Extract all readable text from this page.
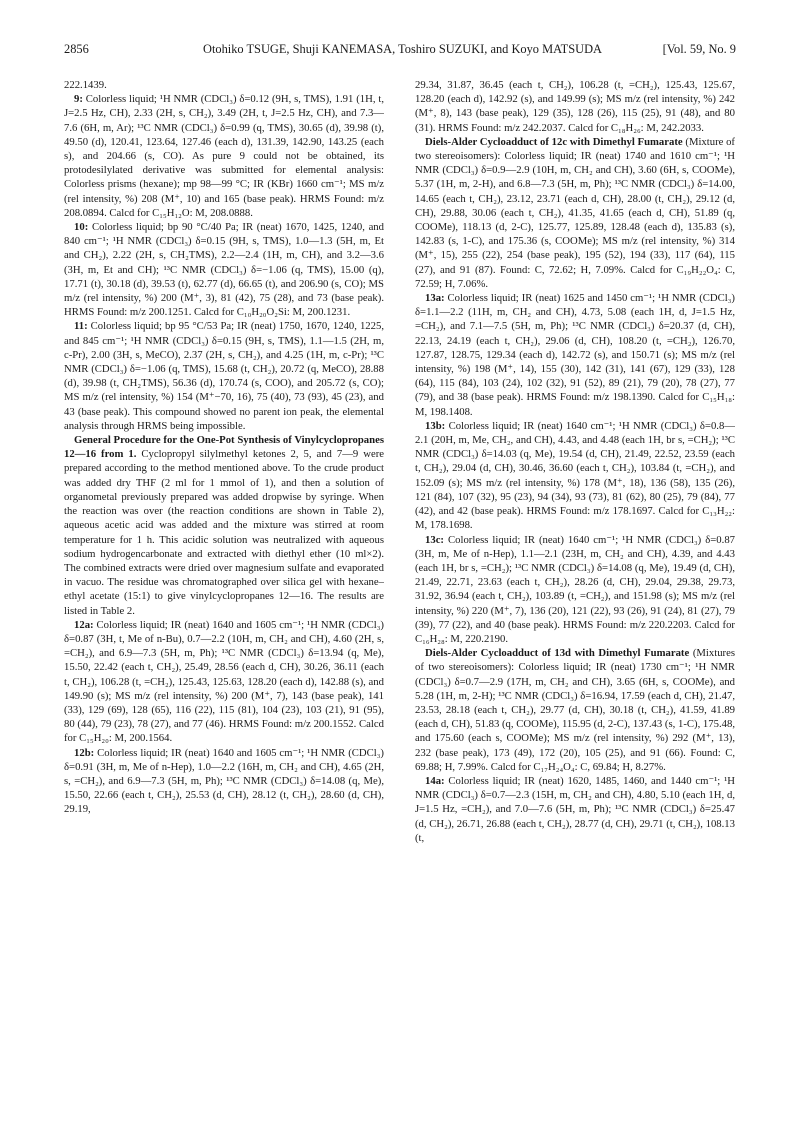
2856	Otohiko TSUGE, Shuji KANEMASA, Toshiro SUZUKI, and Koyo MATSUDA	[Vol. 59, No. 9

222.1439.

9: Colorless liquid; ¹H NMR (CDCl₃) δ=0.12 (9H, s, TMS), 1.91 (1H, t, J=2.5 Hz, CH), 2.33 (2H, s, CH₂), 3.49 (2H, t, J=2.5 Hz, CH), and 7.3—7.6 (6H, m, Ar); ¹³C NMR (CDCl₃) δ=0.99 (q, TMS), 30.65 (d), 39.98 (t), 49.50 (d), 120.41, 123.64, 127.46 (each d), 131.39, 142.90, 143.25 (each s), and 204.66 (s, CO). As pure 9 could not be obtained, its protodesilylated derivative was submitted for elemental analysis: Colorless prisms (hexane); mp 98—99 °C; IR (KBr) 1660 cm⁻¹; MS m/z (rel intensity, %) 208 (M⁺, 10) and 165 (base peak). HRMS Found: m/z 208.0894. Calcd for C₁₅H₁₂O: M, 208.0888.

10: Colorless liquid; bp 90 °C/40 Pa; IR (neat) 1670, 1425, 1240, and 840 cm⁻¹; ¹H NMR (CDCl₃) δ=0.15 (9H, s, TMS), 1.0—1.3 (5H, m, Et and CH₂), 2.22 (2H, s, CH₂TMS), 2.2—2.4 (1H, m, CH), and 3.2—3.6 (3H, m, Et and CH); ¹³C NMR (CDCl₃) δ=−1.06 (q, TMS), 15.00 (q), 17.71 (t), 30.18 (d), 39.53 (t), 62.77 (d), 66.65 (t), and 206.90 (s, CO); MS m/z (rel intensity, %) 200 (M⁺, 3), 81 (42), 75 (28), and 73 (base peak). HRMS Found: m/z 200.1251. Calcd for C₁₀H₂₀O₂Si: M, 200.1231.

11: Colorless liquid; bp 95 °C/53 Pa; IR (neat) 1750, 1670, 1240, 1225, and 845 cm⁻¹; ¹H NMR (CDCl₃) δ=0.15 (9H, s, TMS), 1.1—1.5 (2H, m, c-Pr), 2.00 (3H, s, MeCO), 2.37 (2H, s, CH₂), and 4.25 (1H, m, c-Pr); ¹³C NMR (CDCl₃) δ=−1.06 (q, TMS), 15.68 (t, CH₂), 20.72 (q, MeCO), 28.88 (d), 39.98 (t, CH₂TMS), 56.36 (d), 170.74 (s, COO), and 205.72 (s, CO); MS m/z (rel intensity, %) 154 (M⁺−70, 16), 75 (40), 73 (93), 45 (23), and 43 (base peak). This compound showed no parent ion peak, the elemental analysis through HRMS being impossible.

General Procedure for the One-Pot Synthesis of Vinylcyclopropanes 12—16 from 1. Cyclopropyl silylmethyl ketones 2, 5, and 7—9 were prepared according to the method mentioned above. To the crude product was added dry THF (2 ml for 1 mmol of 1), and then a solution of organometal previously prepared was added dropwise by syringe. When the reaction was over (the reaction conditions are shown in Table 2), aqueous acetic acid was added and the mixture was stirred at room temperature for 1 h. This acidic solution was neutralized with aqueous sodium hydrogencarbonate and extracted with diethyl ether (10 ml×2). The combined extracts were dried over magnesium sulfate and evaporated in vacuo. The residue was chromatographed over silica gel with hexane–ethyl acetate (15:1) to give vinylcyclopropanes 12—16. The results are listed in Table 2.

12a: Colorless liquid; IR (neat) 1640 and 1605 cm⁻¹; ¹H NMR (CDCl₃) δ=0.87 (3H, t, Me of n-Bu), 0.7—2.2 (10H, m, CH₂ and CH), 4.60 (2H, s, =CH₂), and 6.9—7.3 (5H, m, Ph); ¹³C NMR (CDCl₃) δ=13.94 (q, Me), 15.50, 22.42 (each t, CH₂), 25.49, 28.56 (each d, CH), 30.26, 36.11 (each t, CH₂), 106.28 (t, =CH₂), 125.43, 125.63, 128.20 (each d), 142.88 (s), and 149.90 (s); MS m/z (rel intensity, %) 200 (M⁺, 7), 143 (base peak), 141 (33), 129 (69), 128 (65), 116 (22), 115 (81), 104 (23), 103 (21), 91 (95), 80 (44), 79 (23), 78 (27), and 77 (46). HRMS Found: m/z 200.1552. Calcd for C₁₅H₂₀: M, 200.1564.

12b: Colorless liquid; IR (neat) 1640 and 1605 cm⁻¹; ¹H NMR (CDCl₃) δ=0.91 (3H, m, Me of n-Hep), 1.0—2.2 (16H, m, CH₂ and CH), 4.65 (2H, s, =CH₂), and 6.9—7.3 (5H, m, Ph); ¹³C NMR (CDCl₃) δ=14.08 (q, Me), 15.50, 22.66 (each t, CH₂), 25.53 (d, CH), 28.12 (t, CH₂), 28.60 (d, CH), 29.19,

29.34, 31.87, 36.45 (each t, CH₂), 106.28 (t, =CH₂), 125.43, 125.67, 128.20 (each d), 142.92 (s), and 149.99 (s); MS m/z (rel intensity, %) 242 (M⁺, 8), 143 (base peak), 129 (35), 128 (26), 115 (25), 91 (48), and 80 (31). HRMS Found: m/z 242.2037. Calcd for C₁₈H₂₆: M, 242.2033.

Diels-Alder Cycloadduct of 12c with Dimethyl Fumarate (Mixture of two stereoisomers): Colorless liquid; IR (neat) 1740 and 1610 cm⁻¹; ¹H NMR (CDCl₃) δ=0.9—2.9 (10H, m, CH₂ and CH), 3.60 (6H, s, COOMe), 5.37 (1H, m, 2-H), and 6.8—7.3 (5H, m, Ph); ¹³C NMR (CDCl₃) δ=14.00, 14.65 (each t, CH₂), 23.12, 23.71 (each d, CH), 28.00 (t, CH₂), 29.12 (d, CH), 29.88, 30.06 (each t, CH₂), 41.35, 41.65 (each d, CH), 51.89 (q, COOMe), 118.13 (d, 2-C), 125.77, 125.89, 128.48 (each d), 135.83 (s), 142.83 (s, 1-C), and 175.36 (s, COOMe); MS m/z (rel intensity, %) 314 (M⁺, 15), 255 (22), 254 (base peak), 195 (52), 194 (33), 117 (64), 115 (27), and 91 (87). Found: C, 72.62; H, 7.09%. Calcd for C₁₉H₂₂O₄: C, 72.59; H, 7.06%.

13a: Colorless liquid; IR (neat) 1625 and 1450 cm⁻¹; ¹H NMR (CDCl₃) δ=1.1—2.2 (11H, m, CH₂ and CH), 4.73, 5.08 (each 1H, d, J=1.5 Hz, =CH₂), and 7.1—7.5 (5H, m, Ph); ¹³C NMR (CDCl₃) δ=20.37 (d, CH), 22.13, 24.19 (each t, CH₂), 29.06 (d, CH), 108.20 (t, =CH₂), 126.70, 127.87, 128.75, 129.34 (each d), 142.72 (s), and 150.71 (s); MS m/z (rel intensity, %) 198 (M⁺, 14), 155 (30), 142 (31), 141 (67), 129 (33), 128 (64), 115 (84), 103 (24), 102 (32), 91 (52), 89 (21), 79 (20), 78 (27), 77 (79), and 38 (base peak). HRMS Found: m/z 198.1390. Calcd for C₁₅H₁₈: M, 198.1408.

13b: Colorless liquid; IR (neat) 1640 cm⁻¹; ¹H NMR (CDCl₃) δ=0.8—2.1 (20H, m, Me, CH₂, and CH), 4.43, and 4.48 (each 1H, br s, =CH₂); ¹³C NMR (CDCl₃) δ=14.03 (q, Me), 19.54 (d, CH), 21.49, 22.52, 23.59 (each t, CH₂), 29.04 (d, CH), 30.46, 36.60 (each t, CH₂), 103.84 (t, =CH₂), and 152.09 (s); MS m/z (rel intensity, %) 178 (M⁺, 18), 136 (58), 135 (26), 121 (84), 107 (32), 95 (23), 94 (34), 93 (73), 81 (62), 80 (25), 79 (84), 77 (42), and 42 (base peak). HRMS Found: m/z 178.1697. Calcd for C₁₃H₂₂: M, 178.1698.

13c: Colorless liquid; IR (neat) 1640 cm⁻¹; ¹H NMR (CDCl₃) δ=0.87 (3H, m, Me of n-Hep), 1.1—2.1 (23H, m, CH₂ and CH), 4.39, and 4.43 (each 1H, br s, =CH₂); ¹³C NMR (CDCl₃) δ=14.08 (q, Me), 19.49 (d, CH), 21.49, 22.71, 23.63 (each t, CH₂), 28.26 (d, CH), 29.04, 29.38, 29.73, 31.92, 36.94 (each t, CH₂), 103.89 (t, =CH₂), and 151.98 (s); MS m/z (rel intensity, %) 220 (M⁺, 7), 136 (20), 121 (22), 93 (26), 91 (24), 81 (27), 79 (39), 77 (22), and 40 (base peak). HRMS Found: m/z 220.2203. Calcd for C₁₆H₂₈: M, 220.2190.

Diels-Alder Cycloadduct of 13d with Dimethyl Fumarate (Mixtures of two stereoisomers): Colorless liquid; IR (neat) 1730 cm⁻¹; ¹H NMR (CDCl₃) δ=0.7—2.9 (17H, m, CH₂ and CH), 3.65 (6H, s, COOMe), and 5.28 (1H, m, 2-H); ¹³C NMR (CDCl₃) δ=16.94, 17.59 (each d, CH), 21.47, 23.53, 28.18 (each t, CH₂), 29.77 (d, CH), 30.18 (t, CH₂), 41.59, 41.89 (each d, CH), 51.83 (q, COOMe), 115.95 (d, 2-C), 137.43 (s, 1-C), 175.48, and 175.60 (each s, COOMe); MS m/z (rel intensity, %) 292 (M⁺, 13), 232 (base peak), 173 (49), 172 (20), 105 (25), and 91 (66). Found: C, 69.88; H, 7.99%. Calcd for C₁₇H₂₄O₄: C, 69.84; H, 8.27%.

14a: Colorless liquid; IR (neat) 1620, 1485, 1460, and 1440 cm⁻¹; ¹H NMR (CDCl₃) δ=0.7—2.3 (15H, m, CH₂ and CH), 4.80, 5.10 (each 1H, d, J=1.5 Hz, =CH₂), and 7.0—7.6 (5H, m, Ph); ¹³C NMR (CDCl₃) δ=25.47 (d, CH₂), 26.71, 26.88 (each t, CH₂), 28.77 (d, CH), 29.71 (t, CH₂), 108.13 (t,
